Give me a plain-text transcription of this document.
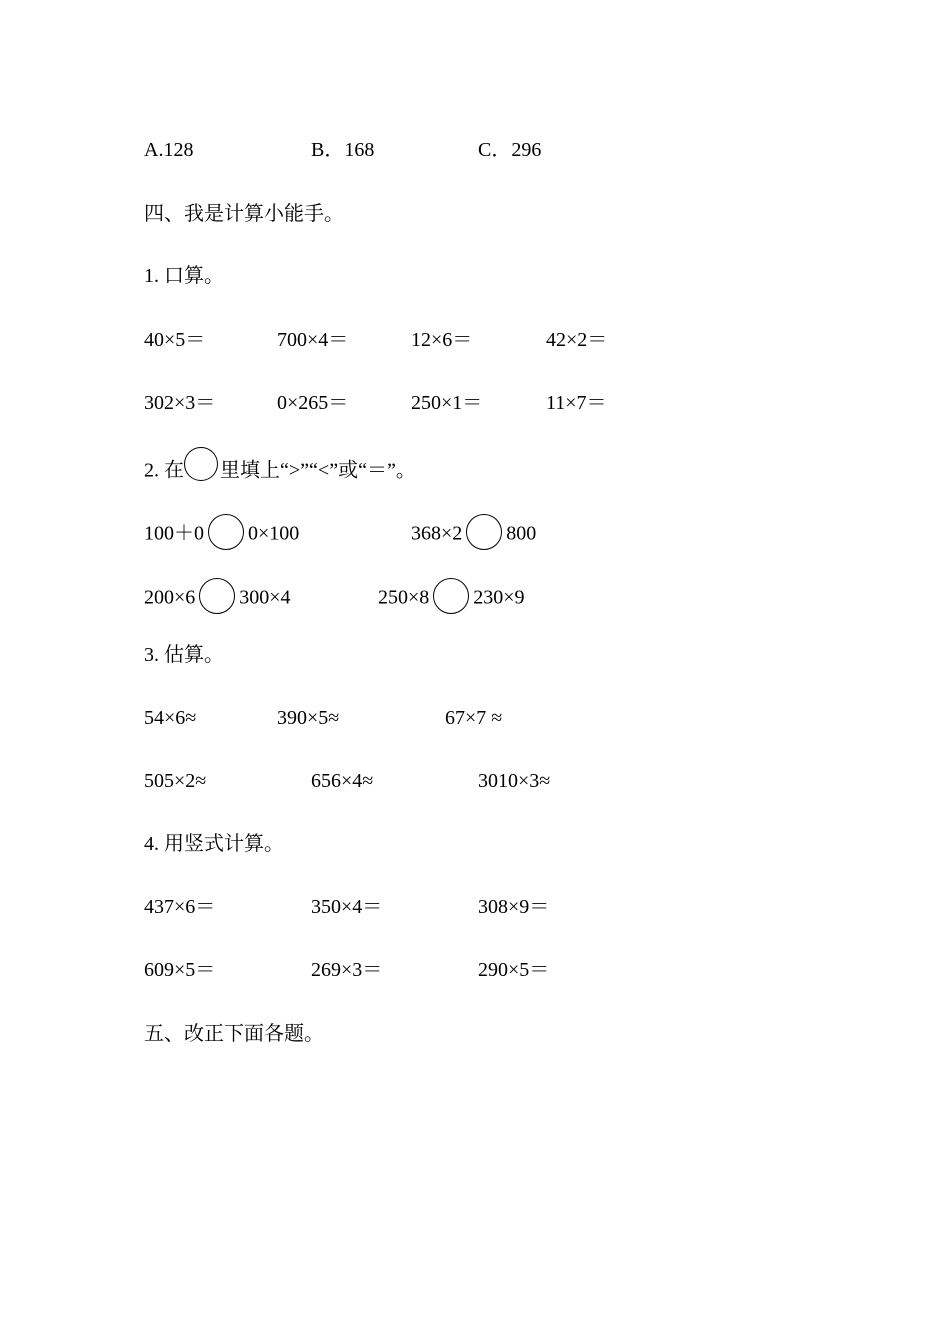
A.128	B．168	C．296
四、我是计算小能手。
1. 口算。
40×5＝	700×4＝	12×6＝	42×2＝
302×3＝	0×265＝	250×1＝	11×7＝
2. 在 里填上“>”“<”或“＝”。
100＋0 0×100	368×2 800
200×6 300×4	250×8 230×9
3. 估算。
54×6≈	390×5≈	67×7 ≈
505×2≈	656×4≈	3010×3≈
4. 用竖式计算。
437×6＝	350×4＝	308×9＝
609×5＝	269×3＝	290×5＝
五、改正下面各题。
